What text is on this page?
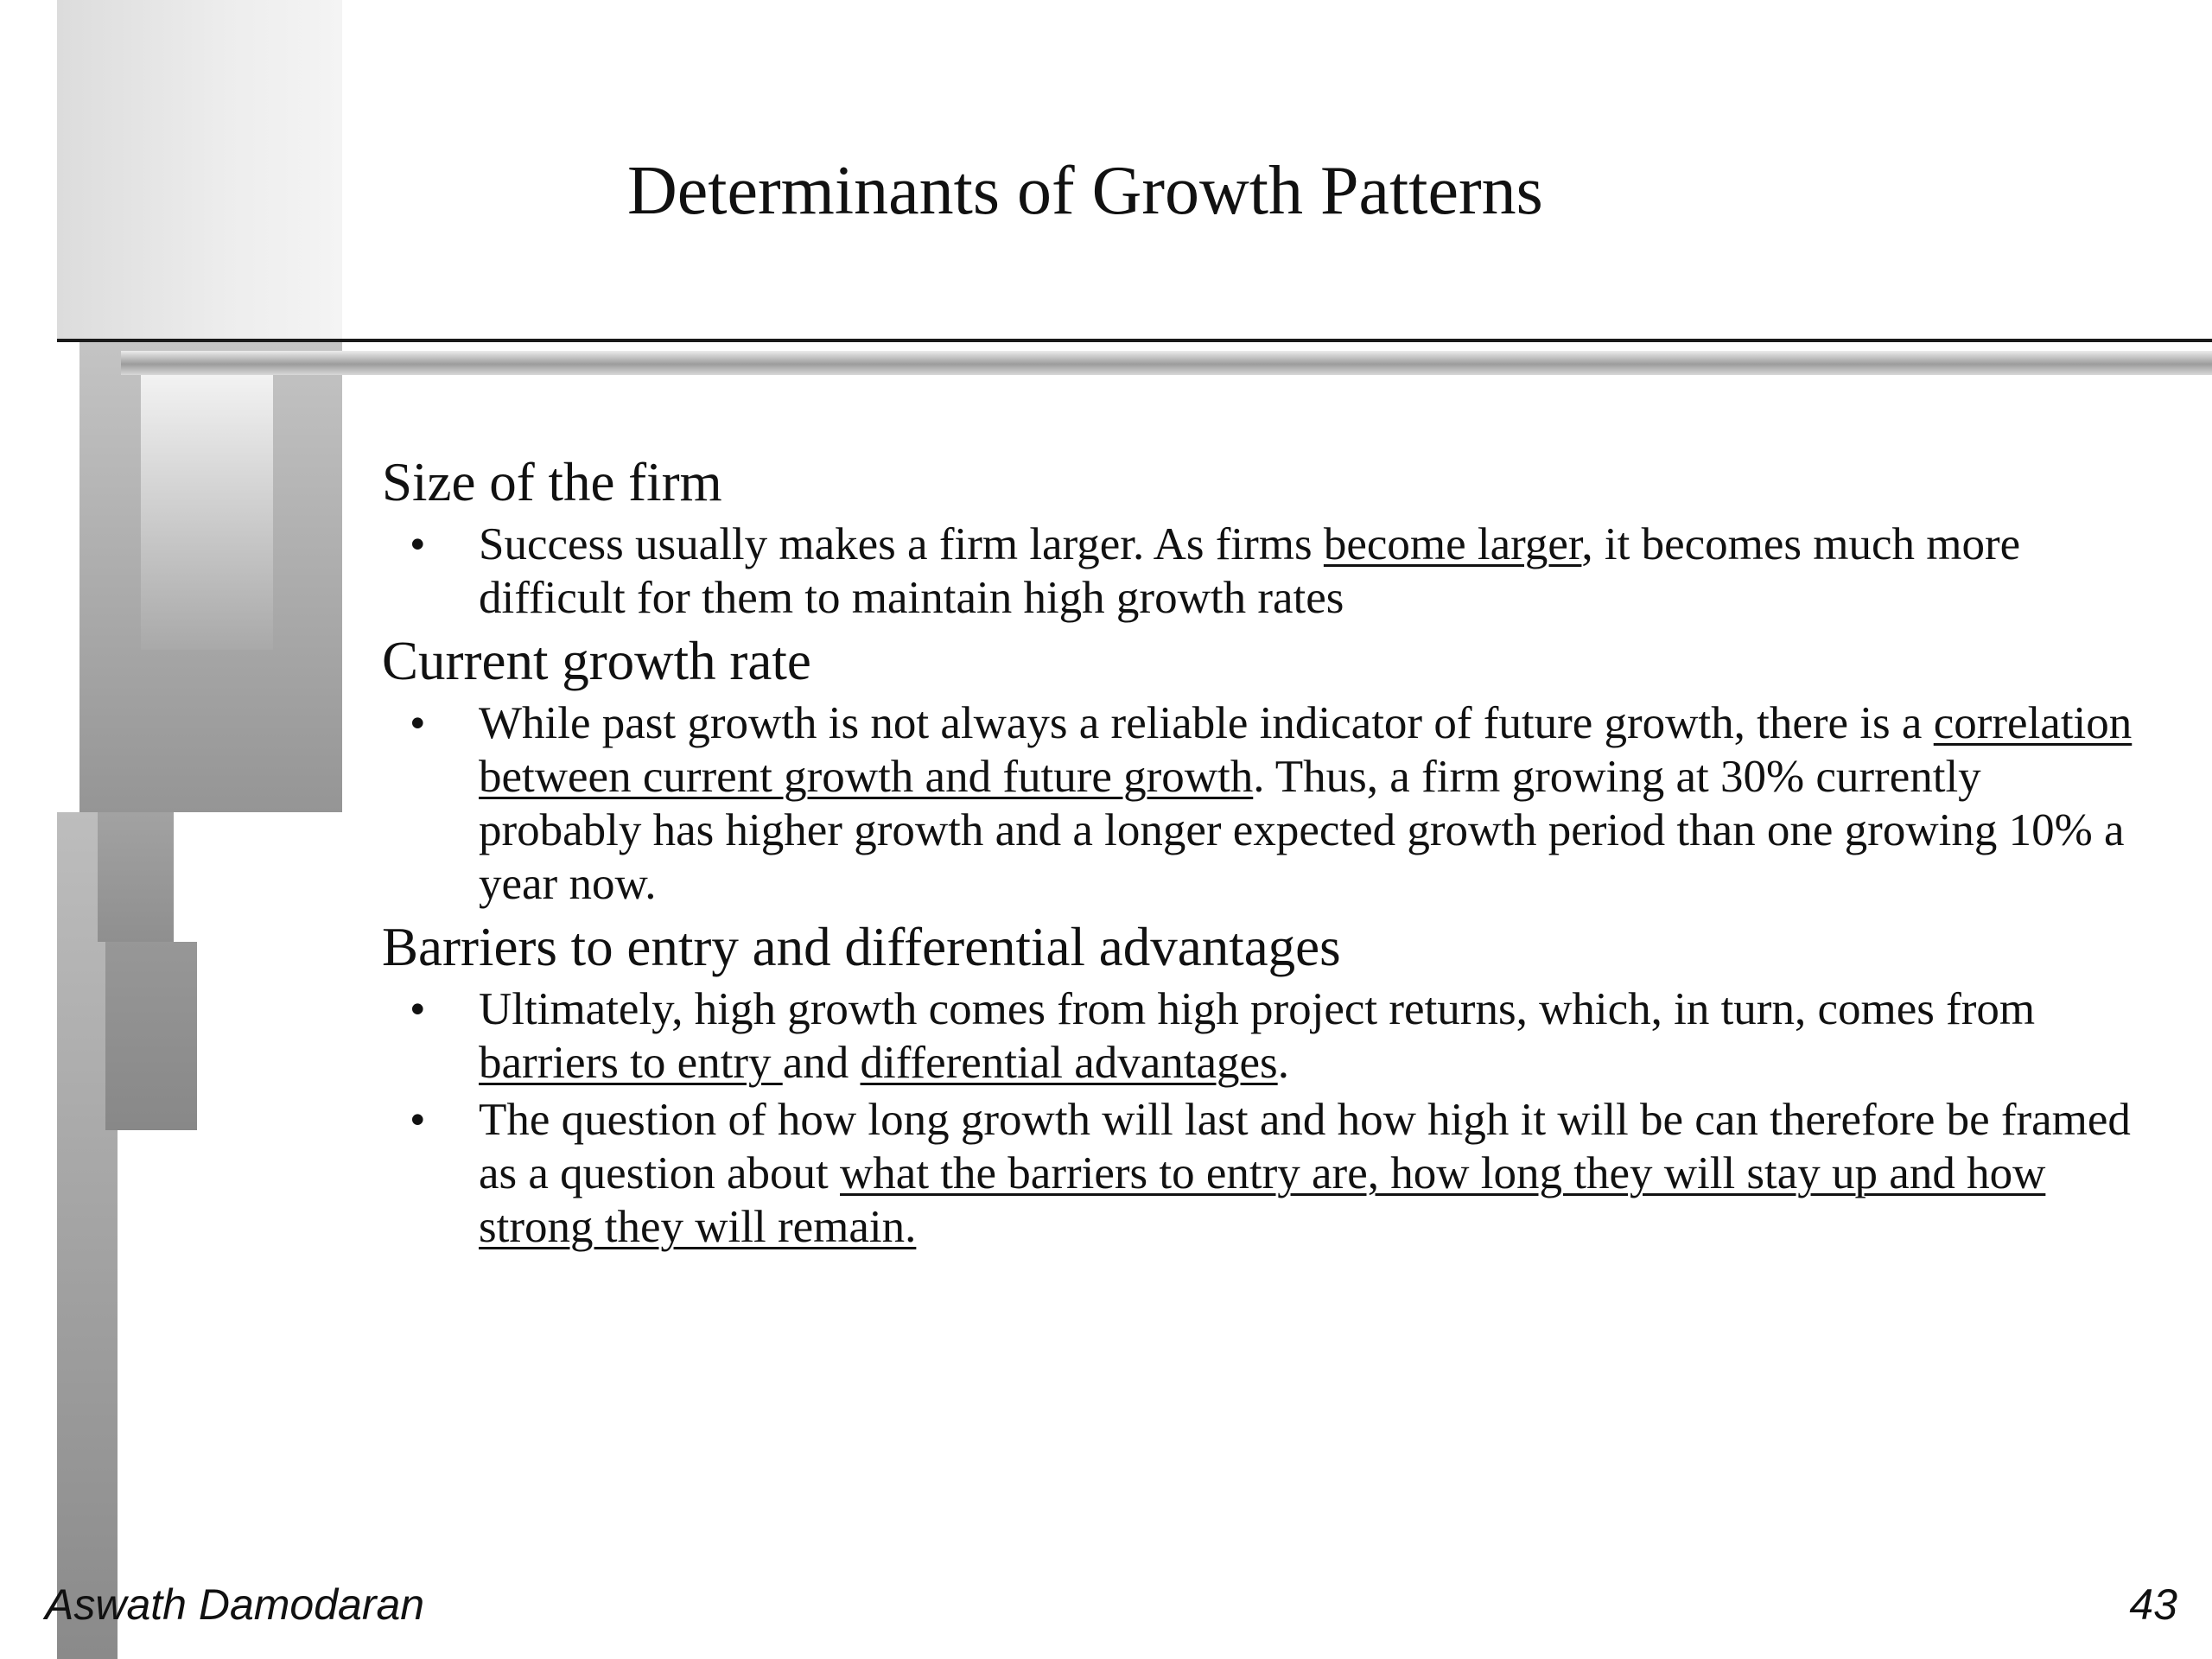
Determinants of Growth Patterns

Size of the firm

•	Success usually makes a firm larger. As firms become larger, it becomes much more difficult for them to maintain high growth rates

Current growth rate

•	While past growth is not always a reliable indicator of future growth, there is a correlation between current growth and future growth. Thus, a firm growing at 30% currently probably has higher growth and a longer expected growth period than one growing 10% a year now.

Barriers to entry and differential advantages

•	Ultimately, high growth comes from high project returns, which, in turn, comes from barriers to entry and differential advantages.
•	The question of how long growth will last and how high it will be can therefore be framed as a question about what the barriers to entry are, how long they will stay up and how strong they will remain.
Aswath Damodaran	43
